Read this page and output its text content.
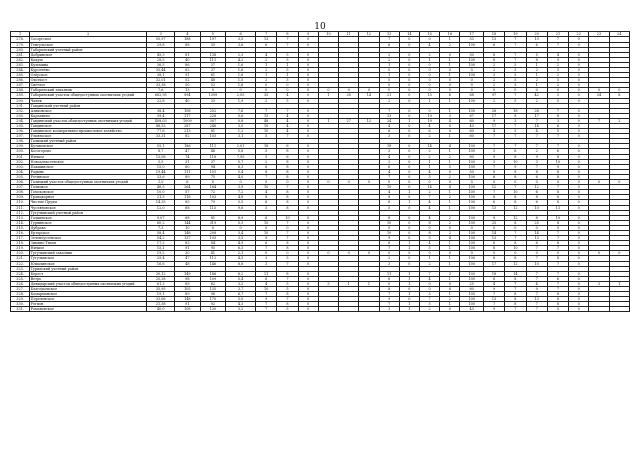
10
1	2	3	4	5	6	7	8	9	10	11	12	13	14	15	16	17	18	19	20	21	22	23	24
278.	Сосоргское	55,97	188	197	3,5	13	7	0				7	0	0	1	53	13	7	13	7	0		
279.	Тенгульское	29,8	88	35	3,6	6	7	0				6	0	4	2	100	6	7	6	7	0		
280.	Таборинский учетный район																						
281.	Добринское	49,3	81	138	2,3	4	5	0				2	0	2	0	50	8	7	5	4	0		
282.	Кокуш	28,5	40	111	4,2	2	5	0				2	0	1	1	100	8	7	8	9	0		
283.	Кузьмина	36,5	86	37	1,6	1	1	0				1	0	0	1	100	2	5	1	2	0		
284.	Курсенёво	35,44	62	37	1,6	2	5	0				0	0	0	0	0	2	5	2	5	0		
285.	Озёрское	38,1	91	61	1,6	1	1	0				1	0	0	1	100	3	5	1	2	0		
286.	Охотхост	32,01	52	48	1,5	2	5	0				0	0	0	0	0	2	5	2	5	0		
287.	Светлое	33,38	50	52	1,6	0	0	0				0	0	0	0	0	2	5	1	2	0		
288.	Таборинский заказник	7,6	13	0	0	0	0	0	0	0	0	0	0	0	0	0	0	0	0	0	0	0	0
289.	Таборинский участок общедоступных охотничьих угодий	682,95	994	1399	2,05	35	4	0	1	28	14	21	0	15	6	68	97	7	42	3	0	34	8
290.	Чанек	22,8	40	33	1,9	2	5	0				2	0	1	1	100	2	5	2	5	0		
291.	Тавдинский учетный район																						
292.	Азиковское	38,4	108	202	7,6	7	7	0				7	0	0	1	100	28	18	28	7	0		
293.	Карзавино	39,4	117	228	5,6	15	4	0				13	0	10	3	67	17	8	17	8	0		
294.	Тавдинский участок общедоступных охотничьих угодий	408,03	1009	307	0,8	48	4	0	1	27	12	24	1	19	4	60	9	3	7	3	0	7	2
295.	Тавдинское	88,53	287	246	3,0	10	4	0				4	0	4	0	40	17	7	14	6	0		
296.	Тавдинское кооперативно-промысловое хозяйство	77,6	213	81	1,2	10	4	0				6	0	6	0	60	4	5	4	5	0		
297.	Ульяльское	33,31	82	103	3,1	5	7	0				3	0	2	1	60	7	7	7	7	0		
298.	Талицкий учетный район																						
299.	Бутаковское	55,1	186	111	2,01	18	6	0				18	0	14	4	100	7	7	7	7	0		
300.	Косогорово	8,7	47	46	5,8	3	8	0				3	0	2	1	100	3	8	2	6	0		
301.	Ничкое	13,08	74	118	7,95	5	6	0				4	0	2	2	80	9	8	9	8	0		
302.	Новоалексеевское	5,5	31	37	0,7	2	8	0				2	0	1	1	100	3	10	3	10	0		
303.	Пакшинское	15,0	60	94	6,3	6	8	0				6	0	1	5	100	7	9	7	9	0		
304.	Радынь	19,44	111	101	5,4	8	8	0				4	0	4	0	50	8	8	8	8	0		
305.	Ретинское	33,6	89	75	4,0	7	8	0				7	0	5	2	100	6	8	6	8	0		
306.	Талицкий участок общедоступных охотничьих угодий	1,0	6	0	0	0	0	0	0	0	0	0	0	0	0	0	0	0	0	0	0	0	0
307.	Талицкое	46,5	264	184	3,9	10	7	0				10	0	14	4	100	12	7	12	7	0		
308.	Томсковское	10,0	57	72	7,2	4	8	0				4	1	2	1	100	7	10	6	8	0		
309.	Троицкорное	21,5	118	103	4,8	8	8	0				8	0	7	2	100	8	8	8	8	0		
310.	Чистые Пруды	14,35	85	79	5,5	6	8	0				6	1	4	1	100	6	8	6	8	0		
311.	Чусляновское	12,0	68	115	9,6	5	8	0				5	0	4	1	100	13	12	10	11	0		
312.	Тугулымский учетный район																						
313.	Галкинское	9,07	68	81	8,9	6	10	0				6	0	4	2	100	9	12	8	10	0		
314.	Гурвинское	60,2	144	319	5,3	10	7	0				10	0	8	2	100	25	8	25	8	0		
315.	Дубрава	7,3	10	0	0	0	0	0				0	0	0	0	0	0	0	0	0	0		
316.	Ертарское	58,4	148	208	3,4	10	7	0				10	0	8	2	100	14	7	14	7	0		
317.	Зеленоустенское	54,2	137	193	3,5	9	7	0				9	0	5	4	100	13	7	13	7	0		
318.	Зимино-Тихая	17,2	83	84	4,9	6	8	0				6	1	4	1	100	6	8	6	8	0		
319.	Ничкое	15,1	91	95	6,3	7	8	0				7	1	5	1	100	8	10	7	7	0		
320.	Тугулымский заказник	19,2	30	41	2,1	0	0	0	0	0	0	0	0	0	0	0	0	0	0	0	0	0	0
321.	Тугулымское	25,4	47	112	4,3	3	5	0				2	0	1	1	100	8	8	7	8	0		
322.	Юшалинское	16,6	48	146	8,8	3	7	0				3	0	2	1	100	17	12	10	7	0		
323.	Туринский учетный район																						
324.	Берест	30,12	149	186	6,2	11	8	0				11	1	7	3	100	18	14	7	7	0		
325.	Ветрь	20,28	98	109	5,4	6	7	0				6	1	4	1	100	8	8	7	6	0		
326.	Дивидарский участок общедоступных охотничьих угодий	61,3	89	62	3,2	4	5	0	3	1	1	0	1	0	0	25	4	7	4	7	0	3	1
327.	Благодьевское	35,95	105	135	3,7	10	5	0				8	0	0	8	80	9	7	9	7	0		
328.	Комарманское	19,1	89	98	6,7	7	8	0				7	1	5	1	100	7	8	7	8	0		
329.	Пореченское	33,66	148	170	5,0	9	7	0				9	0	7	2	100	13	8	13	8	0		
330.	Регион	21,38	91	92	4,3	7	8	0				7	1	5	1	100	7	8	7	8	0		
331.	Романовское	40,0	108	130	3,2	7	5	0				3	1	2	0	43	9	7	7	5	0		
